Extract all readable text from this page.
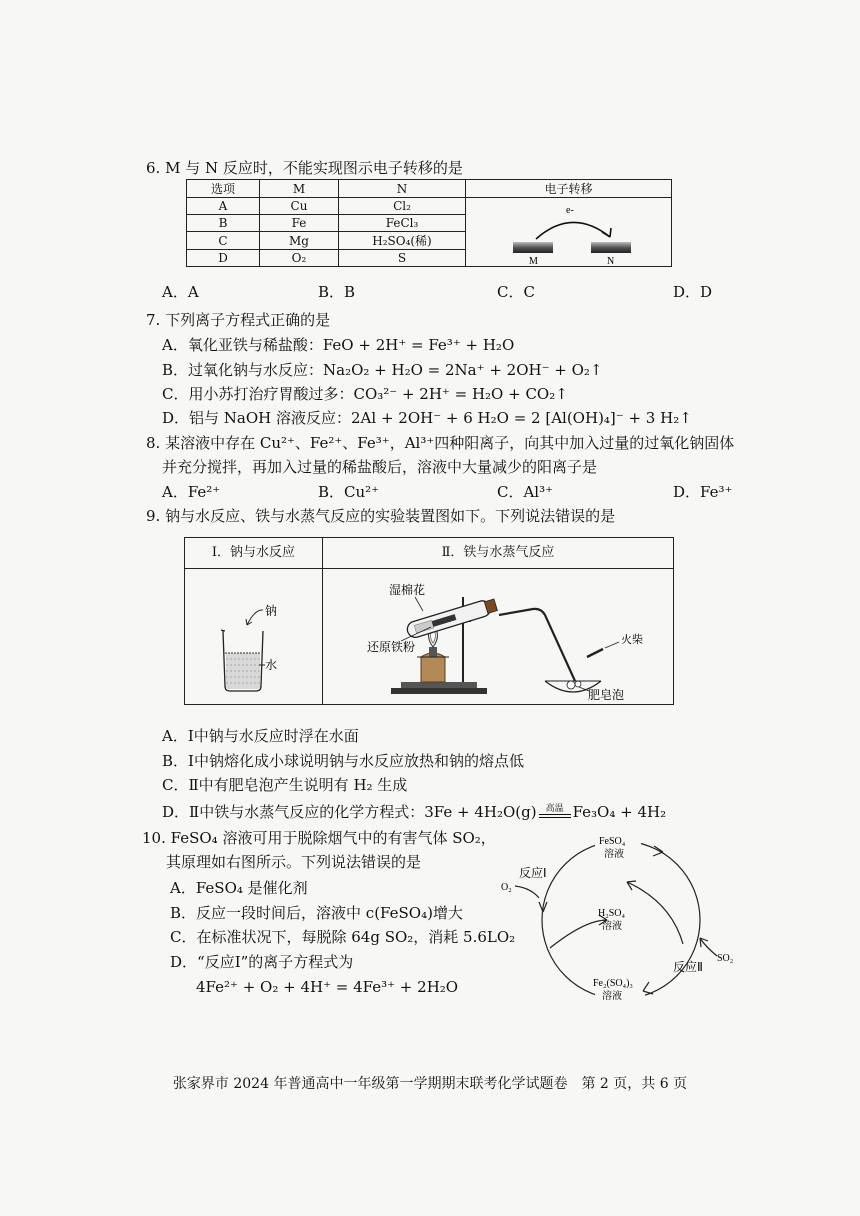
6. M 与 N 反应时，不能实现图示电子转移的是
选项	M	N	电子转移
A	Cu	Cl₂	e-
M N

B	Fe	FeCl₃	
C	Mg	H₂SO₄(稀)	
D	O₂	S	
A．A	B．B	C．C	D．D
7. 下列离子方程式正确的是
A．氧化亚铁与稀盐酸：FeO + 2H⁺ = Fe³⁺ + H₂O
B．过氧化钠与水反应：Na₂O₂ + H₂O = 2Na⁺ + 2OH⁻ + O₂↑
C．用小苏打治疗胃酸过多：CO₃²⁻ + 2H⁺ = H₂O + CO₂↑
D．铝与 NaOH 溶液反应：2Al + 2OH⁻ + 6 H₂O = 2 [Al(OH)₄]⁻ + 3 H₂↑
8. 某溶液中存在 Cu²⁺、Fe²⁺、Fe³⁺，Al³⁺四种阳离子，向其中加入过量的过氧化钠固体
并充分搅拌，再加入过量的稀盐酸后，溶液中大量减少的阳离子是
A．Fe²⁺	B．Cu²⁺	C．Al³⁺	D．Fe³⁺
9. 钠与水反应、铁与水蒸气反应的实验装置图如下。下列说法错误的是
Ⅰ．钠与水反应	Ⅱ．铁与水蒸气反应
钠
水
火柴
湿棉花
还原铁粉
肥皂泡
A．Ⅰ中钠与水反应时浮在水面
B．Ⅰ中钠熔化成小球说明钠与水反应放热和钠的熔点低
C．Ⅱ中有肥皂泡产生说明有 H₂ 生成
D．Ⅱ中铁与水蒸气反应的化学方程式：3Fe + 4H₂O(g) 高温 Fe₃O₄ + 4H₂
10. FeSO₄ 溶液可用于脱除烟气中的有害气体 SO₂，
其原理如右图所示。下列说法错误的是
A．FeSO₄ 是催化剂
B．反应一段时间后，溶液中 c(FeSO₄)增大
C．在标准状况下，每脱除 64g SO₂，消耗 5.6LO₂
D．“反应Ⅰ”的离子方程式为
4Fe²⁺ + O₂ + 4H⁺ = 4Fe³⁺ + 2H₂O
FeSO₄
溶液
H₂SO₄
溶液
Fe₂(SO₄)₃
溶液
反应Ⅰ
O₂
反应Ⅱ
SO₂
张家界市 2024 年普通高中一年级第一学期期末联考化学试题卷　第 2 页，共 6 页
